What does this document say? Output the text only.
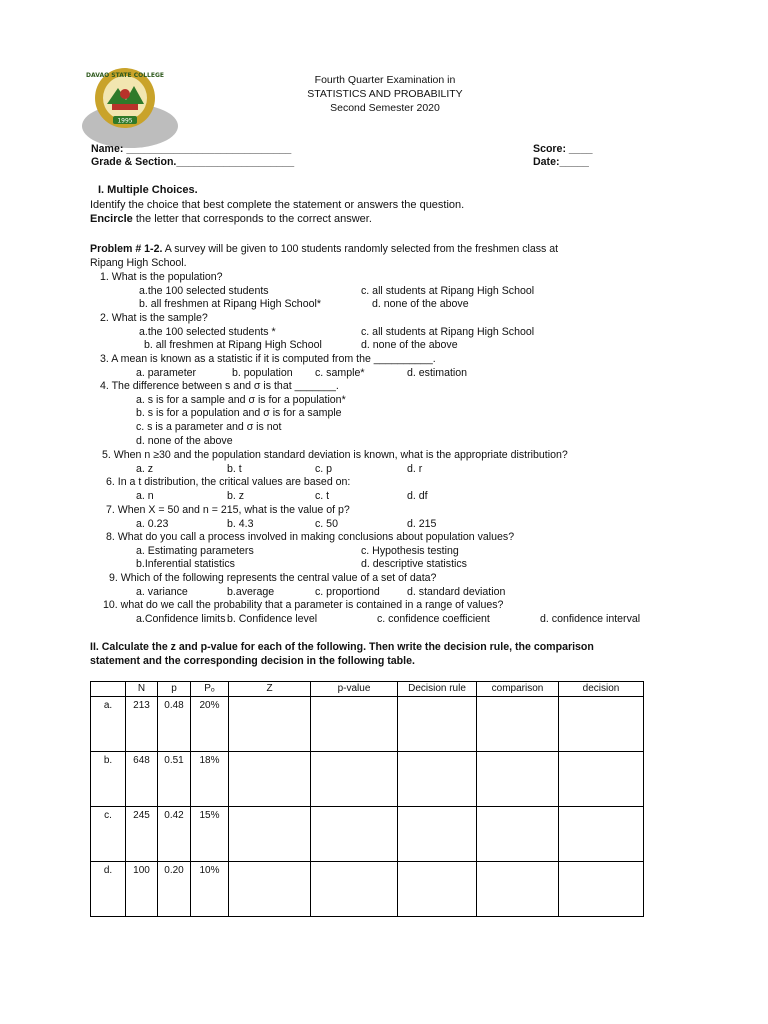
1995
DAVAO STATE COLLEGE	Fourth Quarter Examination in
STATISTICS AND PROBABILITY
Second Semester 2020
Name: ____________________________
Grade & Section.____________________
Score: ____
Date:_____
I. Multiple Choices.
Identify the choice that best complete the statement or answers the question.
Encircle the letter that corresponds to the correct answer.
Problem # 1-2. A survey will be given to 100 students randomly selected from the freshmen class at
Ripang High School.
1. What is the population?
a.the 100 selected students	c. all students at Ripang High School
b. all freshmen at Ripang High School*	d. none of the above
2. What is the sample?
a.the 100 selected students *	c. all students at Ripang High School
b. all freshmen at Ripang High School	d. none of the above
3. A mean is known as a statistic if it is computed from the __________.
a. parameter	b. population c. sample*	d. estimation
4. The difference between s and σ is that _______.
a. s is for a sample and σ is for a population*
b. s is for a population and σ is for a sample
c. s is a parameter and σ is not
d. none of the above
5. When n ≥30 and the population standard deviation is known, what is the appropriate distribution?
a. z	b. t	c. p	d. r
6. In a t distribution, the critical values are based on:
a. n	b. z	c. t	d. df
7. When X = 50 and n = 215, what is the value of p?
a. 0.23	b. 4.3	c. 50	d. 215
8. What do you call a process involved in making conclusions about population values?
a. Estimating parameters	c. Hypothesis testing
b.Inferential statistics	d. descriptive statistics
9. Which of the following represents the central value of a set of data?
a. variance	b.average	c. proportiond	d. standard deviation
10. what do we call the probability that a parameter is contained in a range of values?
a.Confidence limits b. Confidence level	c. confidence coefficient	d. confidence interval
II. Calculate the z and p-value for each of the following. Then write the decision rule, the comparison
statement and the corresponding decision in the following table.
	N	p	Pₒ	Z	p-value	Decision rule	comparison	decision
a.	213	0.48	20%					
b.	648	0.51	18%					
c.	245	0.42	15%					
d.	100	0.20	10%					
